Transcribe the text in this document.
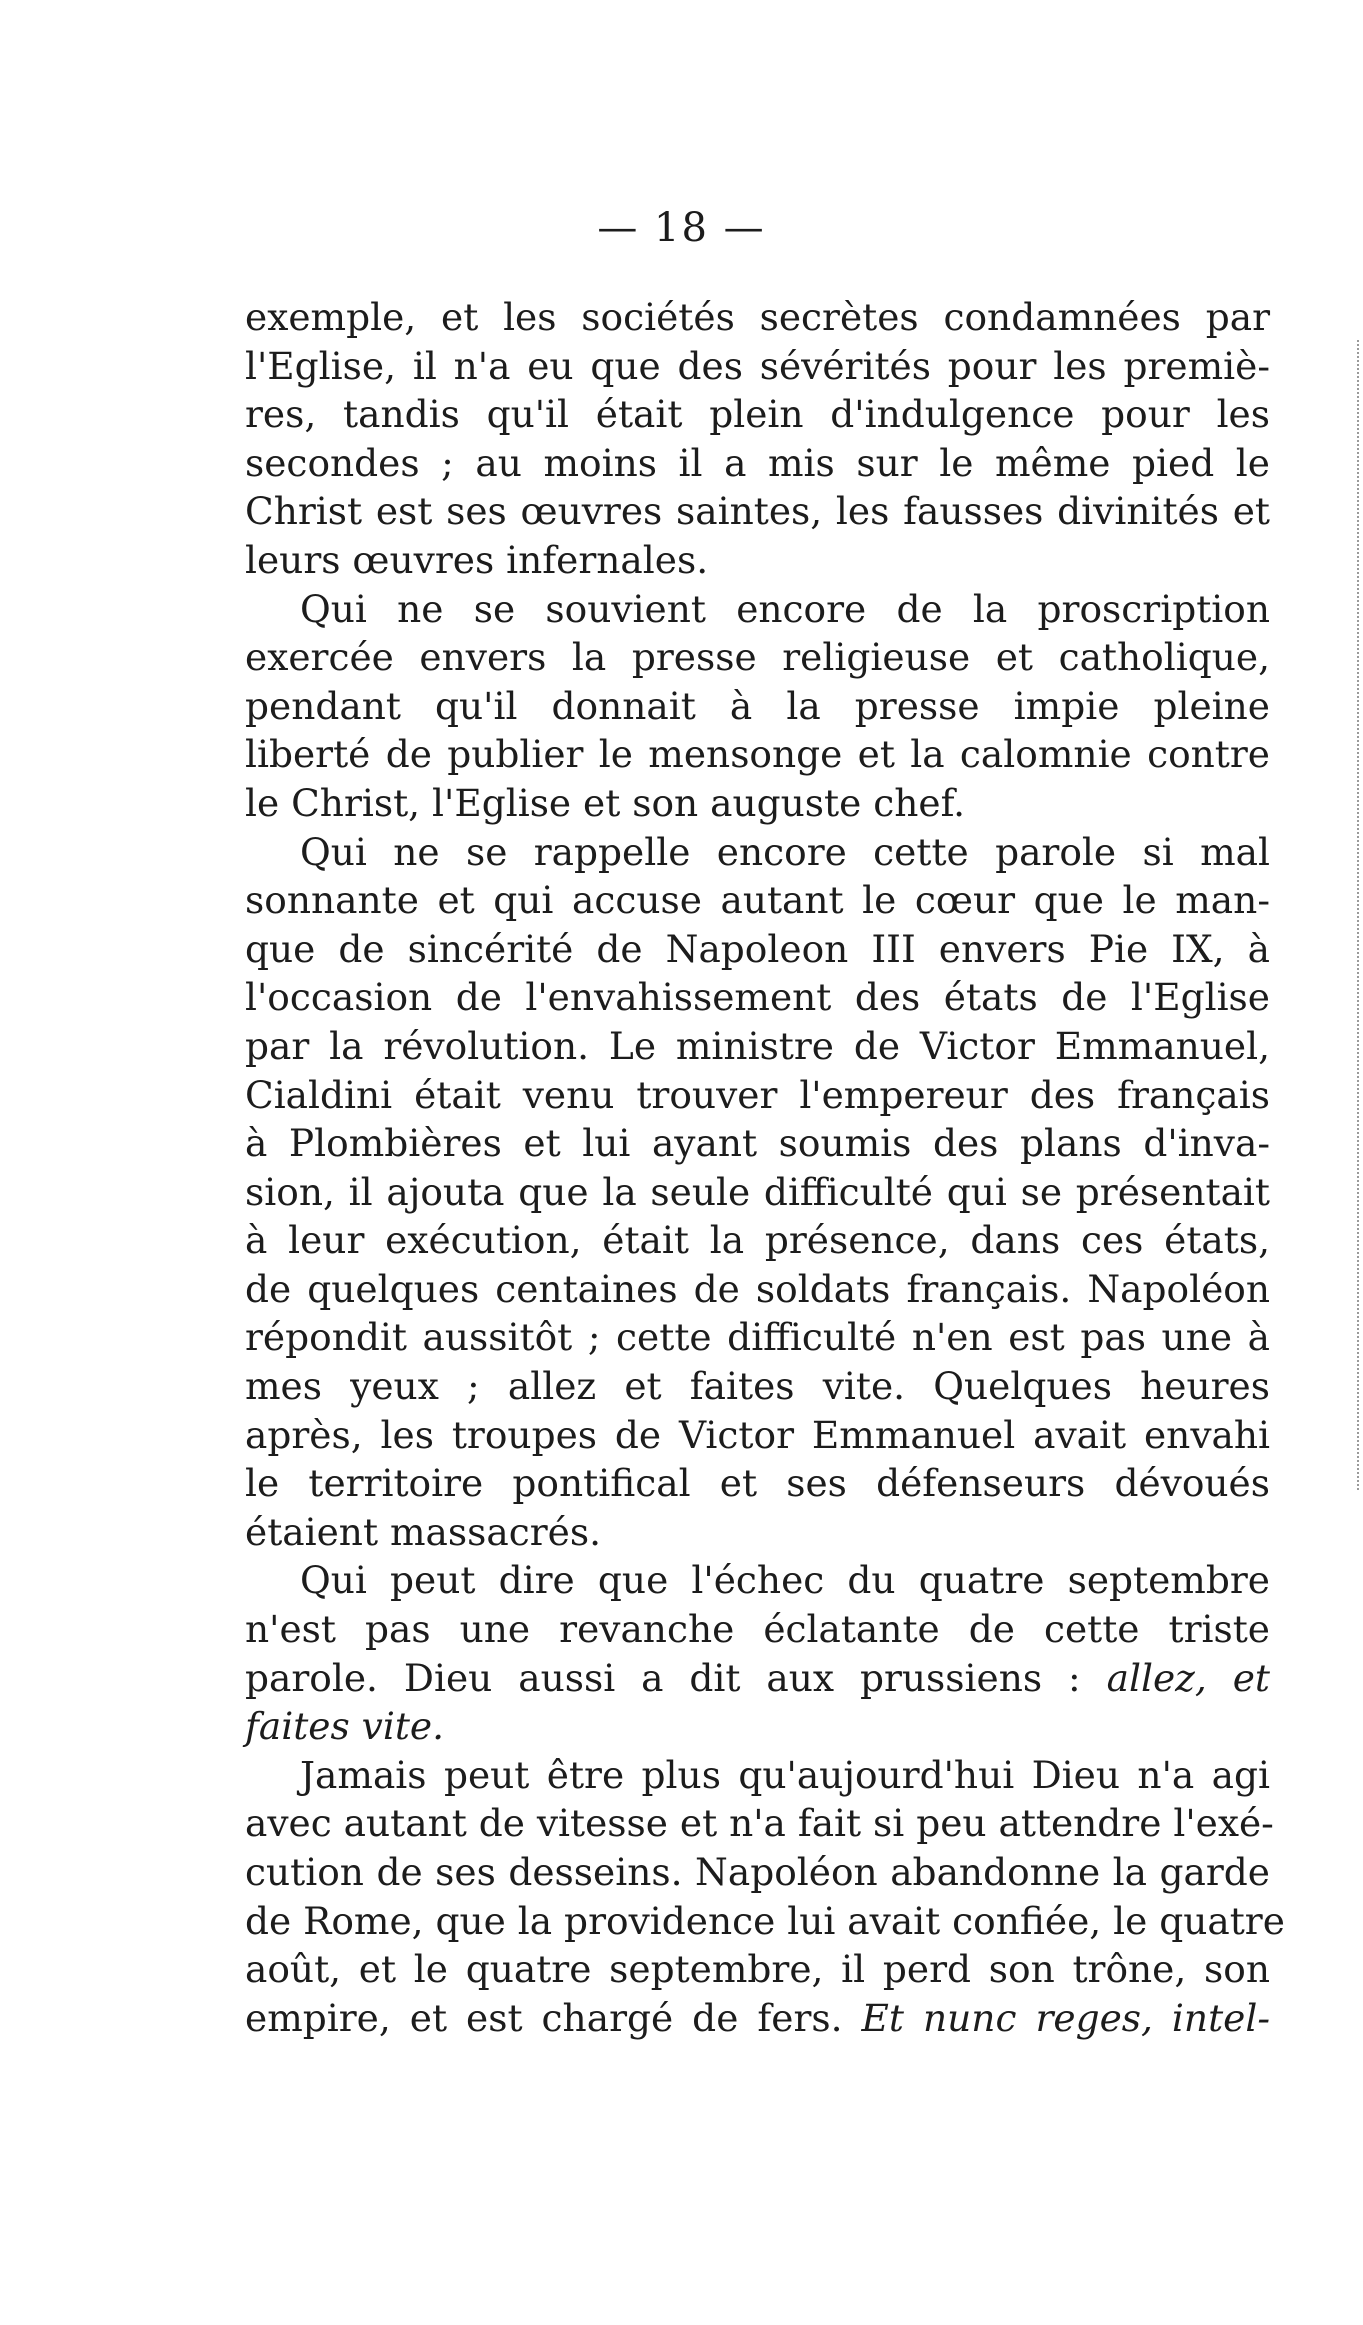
— 18 —
exemple, et les sociétés secrètes condamnées par
l'Eglise, il n'a eu que des sévérités pour les premiè-
res, tandis qu'il était plein d'indulgence pour les
secondes ; au moins il a mis sur le même pied le
Christ est ses œuvres saintes, les fausses divinités et
leurs œuvres infernales.
Qui ne se souvient encore de la proscription
exercée envers la presse religieuse et catholique,
pendant qu'il donnait à la presse impie pleine
liberté de publier le mensonge et la calomnie contre
le Christ, l'Eglise et son auguste chef.
Qui ne se rappelle encore cette parole si mal
sonnante et qui accuse autant le cœur que le man-
que de sincérité de Napoleon III envers Pie IX, à
l'occasion de l'envahissement des états de l'Eglise
par la révolution. Le ministre de Victor Emmanuel,
Cialdini était venu trouver l'empereur des français
à Plombières et lui ayant soumis des plans d'inva-
sion, il ajouta que la seule difficulté qui se présentait
à leur exécution, était la présence, dans ces états,
de quelques centaines de soldats français. Napoléon
répondit aussitôt ; cette difficulté n'en est pas une à
mes yeux ; allez et faites vite. Quelques heures
après, les troupes de Victor Emmanuel avait envahi
le territoire pontifical et ses défenseurs dévoués
étaient massacrés.
Qui peut dire que l'échec du quatre septembre
n'est pas une revanche éclatante de cette triste
parole. Dieu aussi a dit aux prussiens : allez, et
faites vite.
Jamais peut être plus qu'aujourd'hui Dieu n'a agi
avec autant de vitesse et n'a fait si peu attendre l'exé-
cution de ses desseins. Napoléon abandonne la garde
de Rome, que la providence lui avait confiée, le quatre
août, et le quatre septembre, il perd son trône, son
empire, et est chargé de fers. Et nunc reges, intel-
